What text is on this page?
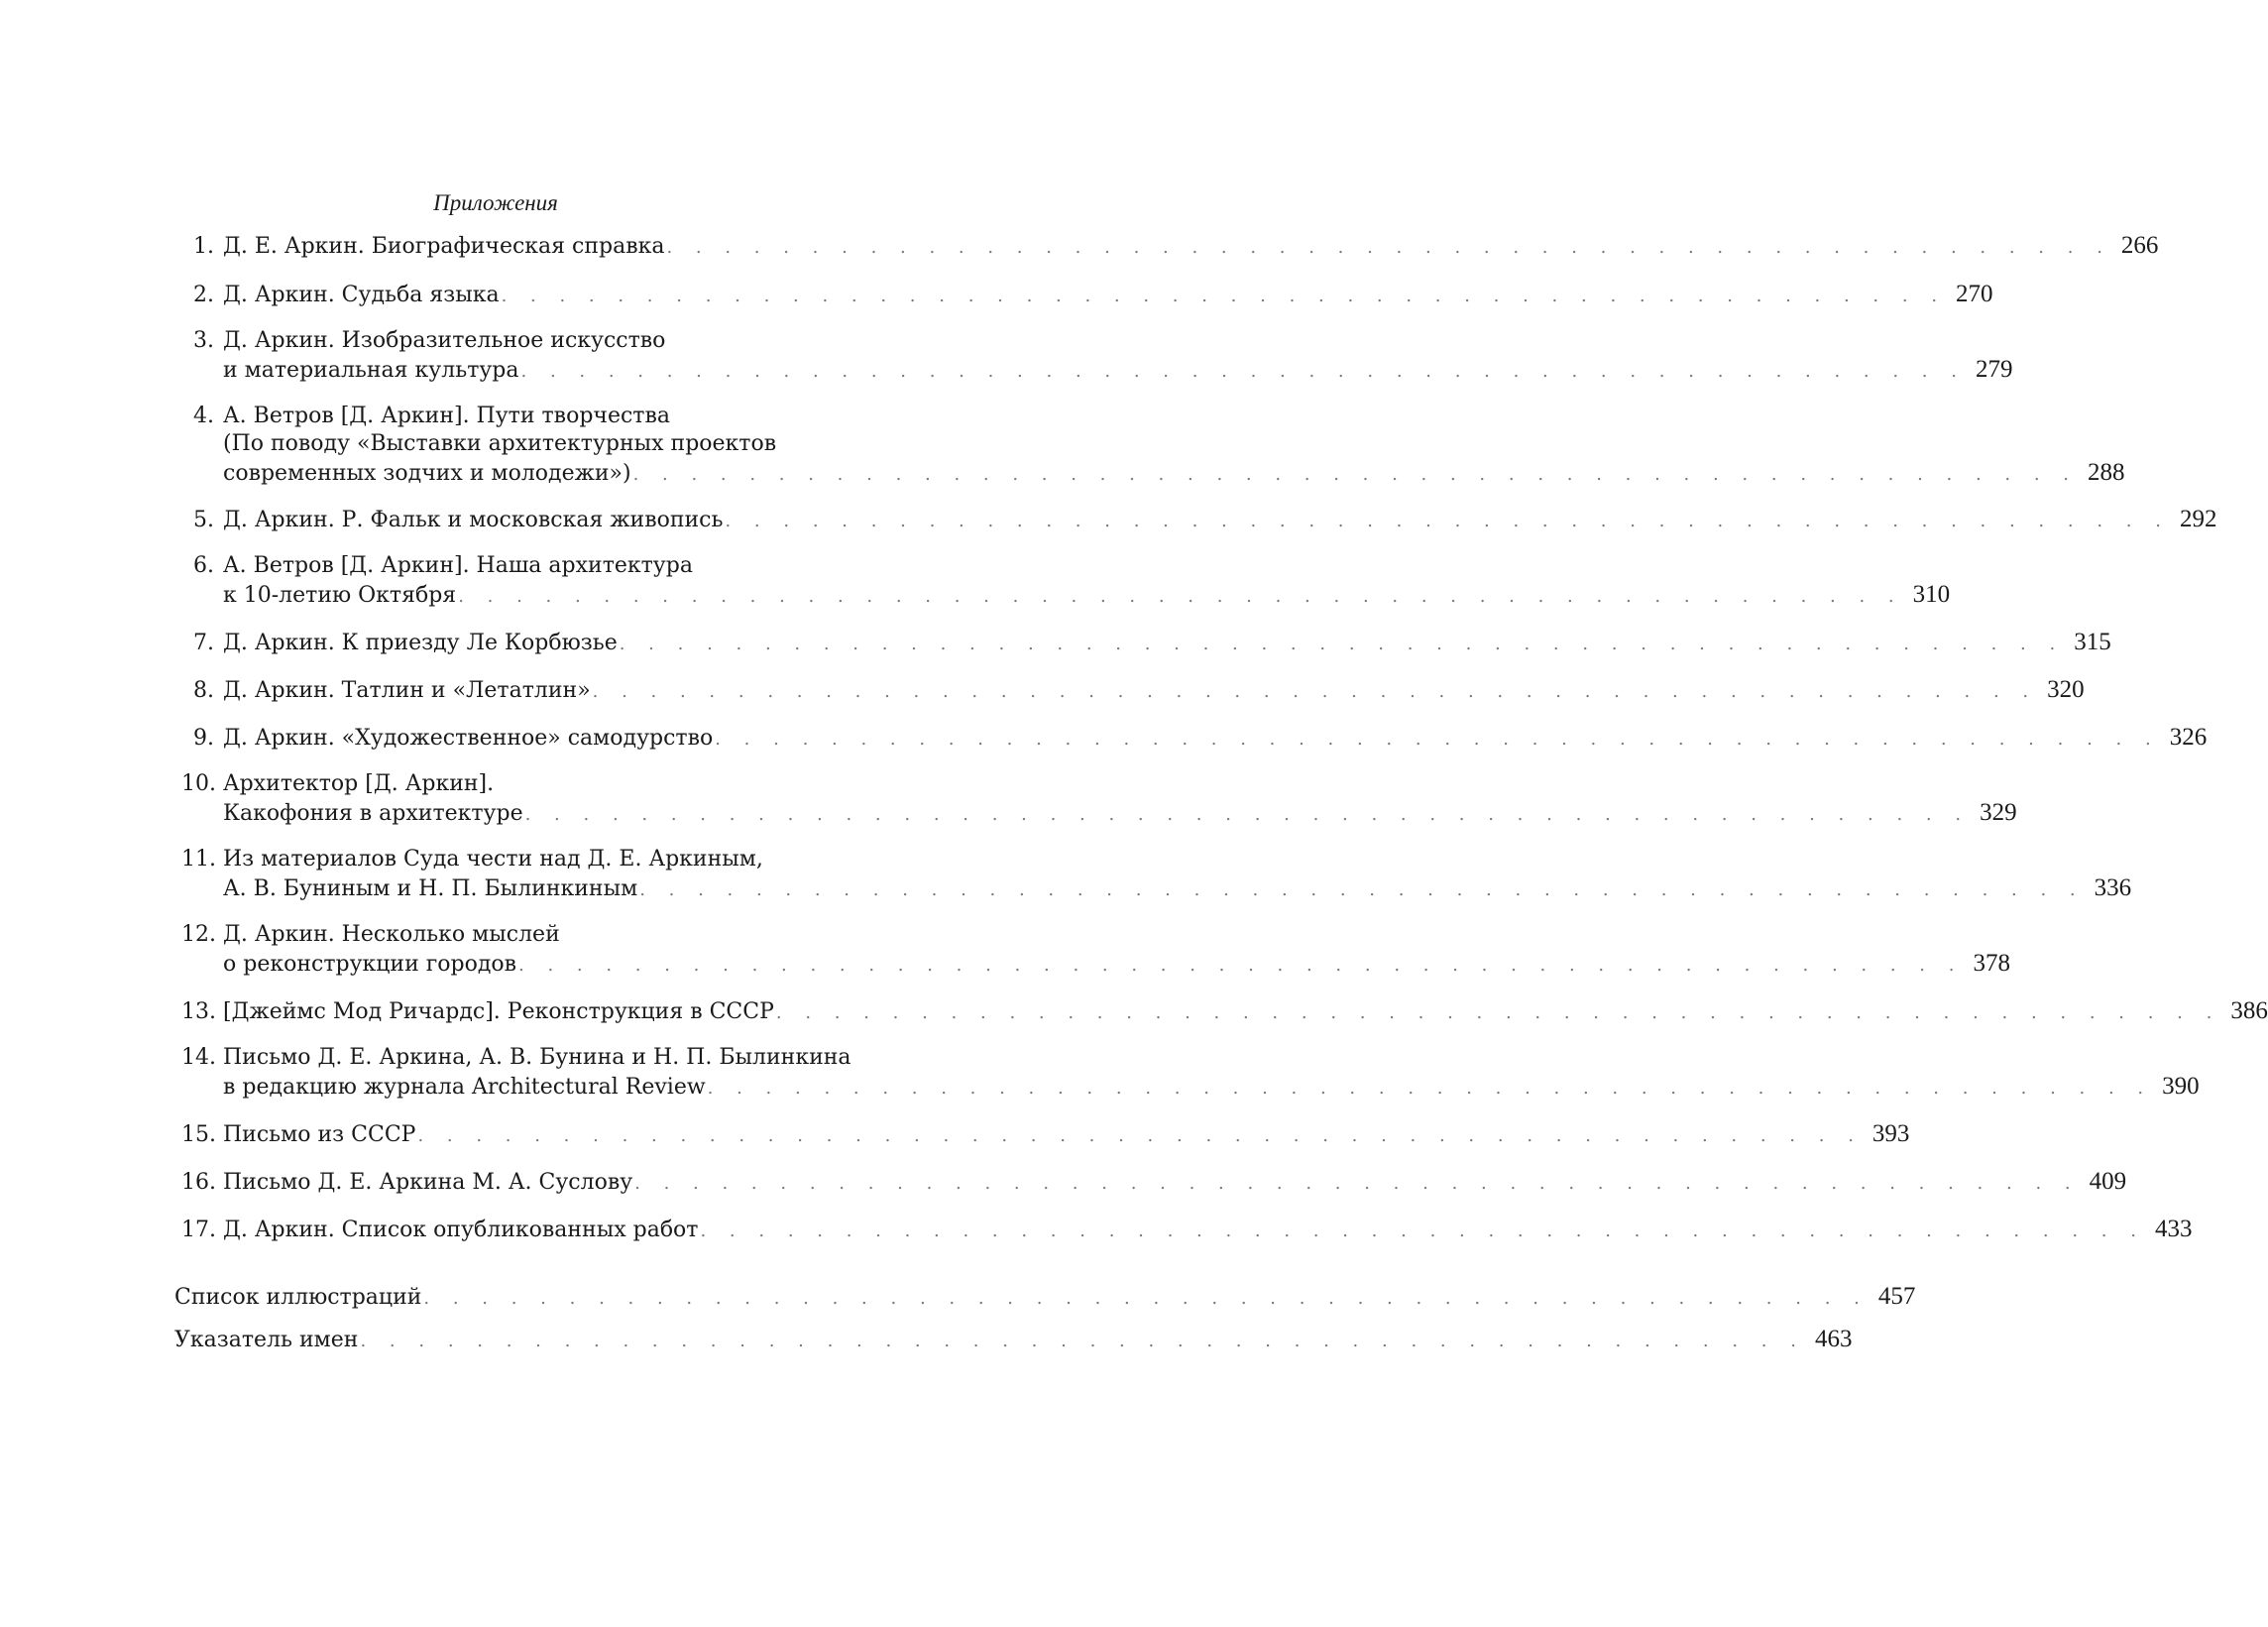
Приложения
1. Д. Е. Аркин. Биографическая справка . . . . . . . . . . . . . . . . . . . . . . . . . . . . . . . . . . . . . . . . . . . . . . . . . . 266
2. Д. Аркин. Судьба языка . . . . . . . . . . . . . . . . . . . . . . . . . . . . . . . . . . . . . . . . . . . . . . . . . . 270
3. Д. Аркин. Изобразительное искусство
и материальная культура . . . . . . . . . . . . . . . . . . . . . . . . . . . . . . . . . . . . . . . . . . . . . . . . . . 279
4. А. Ветров [Д. Аркин]. Пути творчества
(По поводу «Выставки архитектурных проектов
современных зодчих и молодежи») . . . . . . . . . . . . . . . . . . . . . . . . . . . . . . . . . . . . . . . . . . . . . . . . . . 288
5. Д. Аркин. Р. Фальк и московская живопись . . . . . . . . . . . . . . . . . . . . . . . . . . . . . . . . . . . . . . . . . . . . . . . . . . 292
6. А. Ветров [Д. Аркин]. Наша архитектура
к 10-летию Октября . . . . . . . . . . . . . . . . . . . . . . . . . . . . . . . . . . . . . . . . . . . . . . . . . . 310
7. Д. Аркин. К приезду Ле Корбюзье . . . . . . . . . . . . . . . . . . . . . . . . . . . . . . . . . . . . . . . . . . . . . . . . . . 315
8. Д. Аркин. Татлин и «Летатлин» . . . . . . . . . . . . . . . . . . . . . . . . . . . . . . . . . . . . . . . . . . . . . . . . . . 320
9. Д. Аркин. «Художественное» самодурство . . . . . . . . . . . . . . . . . . . . . . . . . . . . . . . . . . . . . . . . . . . . . . . . . . 326
10. Архитектор [Д. Аркин].
Какофония в архитектуре . . . . . . . . . . . . . . . . . . . . . . . . . . . . . . . . . . . . . . . . . . . . . . . . . . 329
11. Из материалов Суда чести над Д. Е. Аркиным,
А. В. Буниным и Н. П. Былинкиным . . . . . . . . . . . . . . . . . . . . . . . . . . . . . . . . . . . . . . . . . . . . . . . . . . 336
12. Д. Аркин. Несколько мыслей
о реконструкции городов . . . . . . . . . . . . . . . . . . . . . . . . . . . . . . . . . . . . . . . . . . . . . . . . . . 378
13. [Джеймс Мод Ричардс]. Реконструкция в СССР . . . . . . . . . . . . . . . . . . . . . . . . . . . . . . . . . . . . . . . . . . . . . . . . . . 386
14. Письмо Д. Е. Аркина, А. В. Бунина и Н. П. Былинкина
в редакцию журнала Architectural Review . . . . . . . . . . . . . . . . . . . . . . . . . . . . . . . . . . . . . . . . . . . . . . . . . . 390
15. Письмо из СССР . . . . . . . . . . . . . . . . . . . . . . . . . . . . . . . . . . . . . . . . . . . . . . . . . . 393
16. Письмо Д. Е. Аркина М. А. Суслову . . . . . . . . . . . . . . . . . . . . . . . . . . . . . . . . . . . . . . . . . . . . . . . . . . 409
17. Д. Аркин. Список опубликованных работ . . . . . . . . . . . . . . . . . . . . . . . . . . . . . . . . . . . . . . . . . . . . . . . . . . 433
Список иллюстраций . . . . . . . . . . . . . . . . . . . . . . . . . . . . . . . . . . . . . . . . . . . . . . . . . . 457
Указатель имен . . . . . . . . . . . . . . . . . . . . . . . . . . . . . . . . . . . . . . . . . . . . . . . . . . 463
